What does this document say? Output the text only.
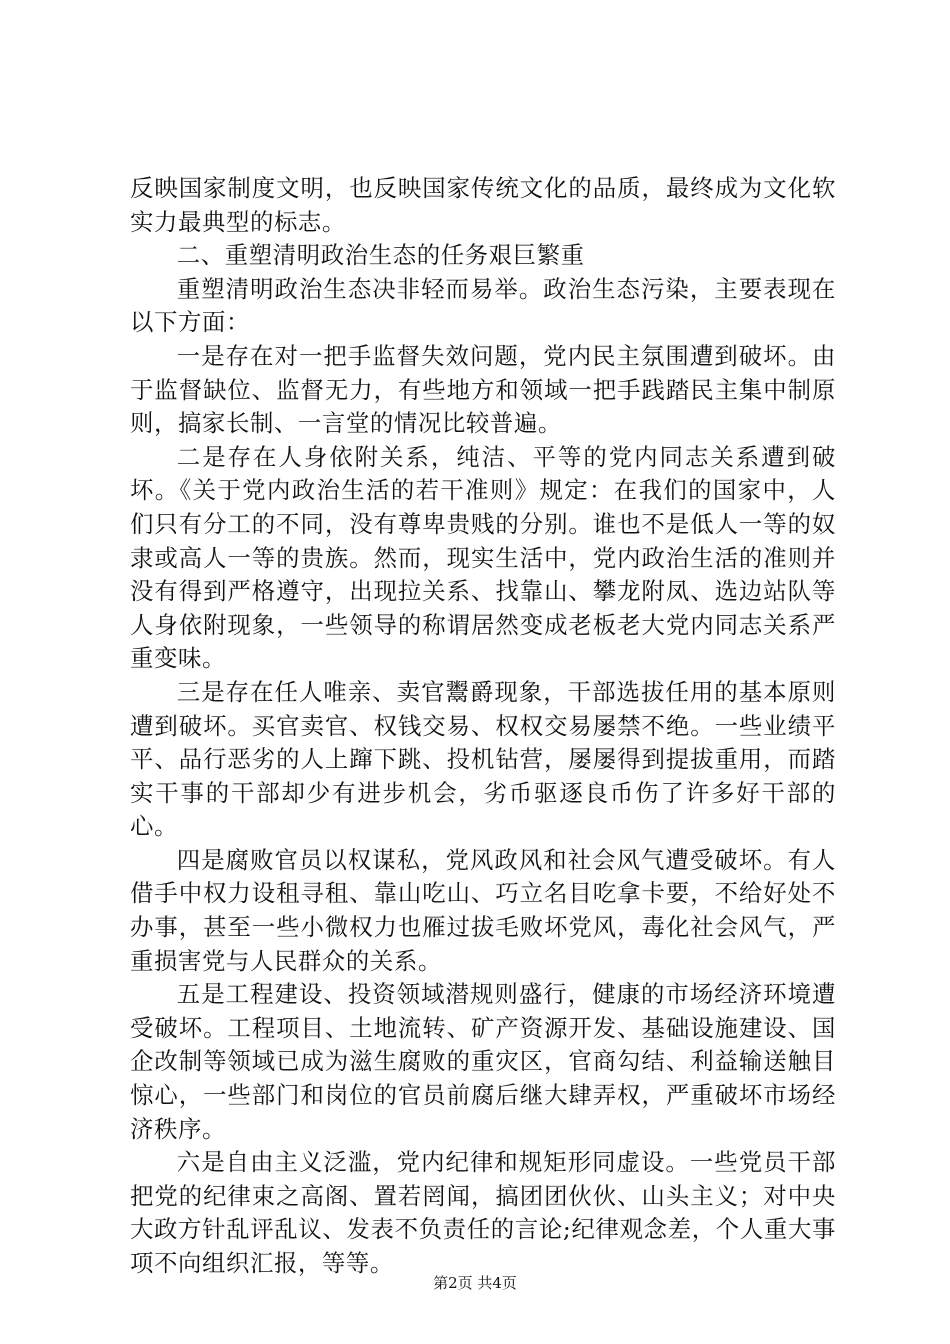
反映国家制度文明，也反映国家传统文化的品质，最终成为文化软实力最典型的标志。

二、重塑清明政治生态的任务艰巨繁重

重塑清明政治生态决非轻而易举。政治生态污染，主要表现在以下方面：

一是存在对一把手监督失效问题，党内民主氛围遭到破坏。由于监督缺位、监督无力，有些地方和领域一把手践踏民主集中制原则，搞家长制、一言堂的情况比较普遍。

二是存在人身依附关系，纯洁、平等的党内同志关系遭到破坏。《关于党内政治生活的若干准则》规定：在我们的国家中，人们只有分工的不同，没有尊卑贵贱的分别。谁也不是低人一等的奴隶或高人一等的贵族。然而，现实生活中，党内政治生活的准则并没有得到严格遵守，出现拉关系、找靠山、攀龙附凤、选边站队等人身依附现象，一些领导的称谓居然变成老板老大党内同志关系严重变味。

三是存在任人唯亲、卖官鬻爵现象，干部选拔任用的基本原则遭到破坏。买官卖官、权钱交易、权权交易屡禁不绝。一些业绩平平、品行恶劣的人上蹿下跳、投机钻营，屡屡得到提拔重用，而踏实干事的干部却少有进步机会，劣币驱逐良币伤了许多好干部的心。

四是腐败官员以权谋私，党风政风和社会风气遭受破坏。有人借手中权力设租寻租、靠山吃山、巧立名目吃拿卡要，不给好处不办事，甚至一些小微权力也雁过拔毛败坏党风，毒化社会风气，严重损害党与人民群众的关系。

五是工程建设、投资领域潜规则盛行，健康的市场经济环境遭受破坏。工程项目、土地流转、矿产资源开发、基础设施建设、国企改制等领域已成为滋生腐败的重灾区，官商勾结、利益输送触目惊心，一些部门和岗位的官员前腐后继大肆弄权，严重破坏市场经济秩序。

六是自由主义泛滥，党内纪律和规矩形同虚设。一些党员干部把党的纪律束之高阁、置若罔闻，搞团团伙伙、山头主义；对中央大政方针乱评乱议、发表不负责任的言论;纪律观念差，个人重大事项不向组织汇报，等等。

第2页 共4页
